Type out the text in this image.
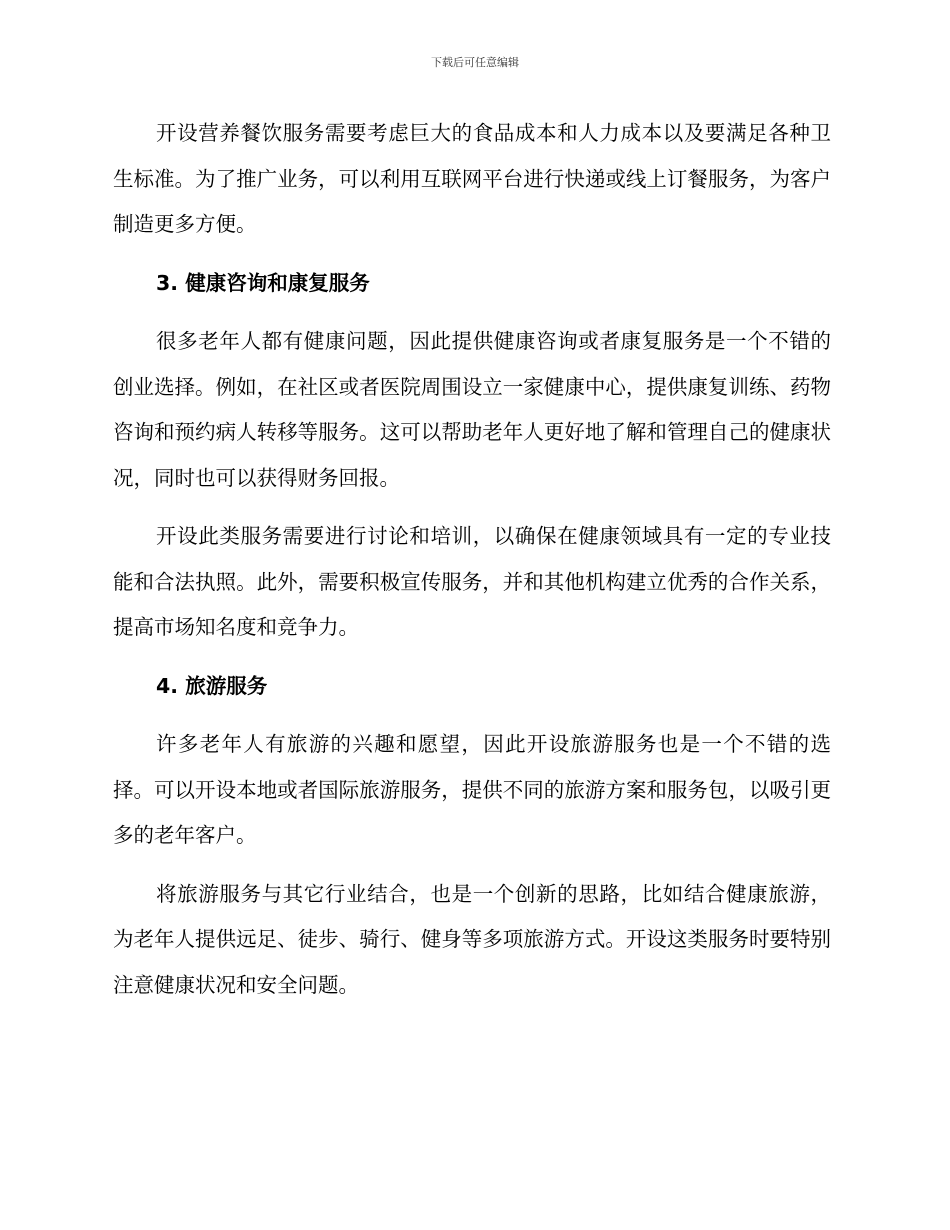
下载后可任意编辑

开设营养餐饮服务需要考虑巨大的食品成本和人力成本以及要满足各种卫生标准。为了推广业务，可以利用互联网平台进行快递或线上订餐服务，为客户制造更多方便。

3. 健康咨询和康复服务

很多老年人都有健康问题，因此提供健康咨询或者康复服务是一个不错的创业选择。例如，在社区或者医院周围设立一家健康中心，提供康复训练、药物咨询和预约病人转移等服务。这可以帮助老年人更好地了解和管理自己的健康状况，同时也可以获得财务回报。

开设此类服务需要进行讨论和培训，以确保在健康领域具有一定的专业技能和合法执照。此外，需要积极宣传服务，并和其他机构建立优秀的合作关系，提高市场知名度和竞争力。

4. 旅游服务

许多老年人有旅游的兴趣和愿望，因此开设旅游服务也是一个不错的选择。可以开设本地或者国际旅游服务，提供不同的旅游方案和服务包，以吸引更多的老年客户。

将旅游服务与其它行业结合，也是一个创新的思路，比如结合健康旅游，为老年人提供远足、徒步、骑行、健身等多项旅游方式。开设这类服务时要特别注意健康状况和安全问题。
